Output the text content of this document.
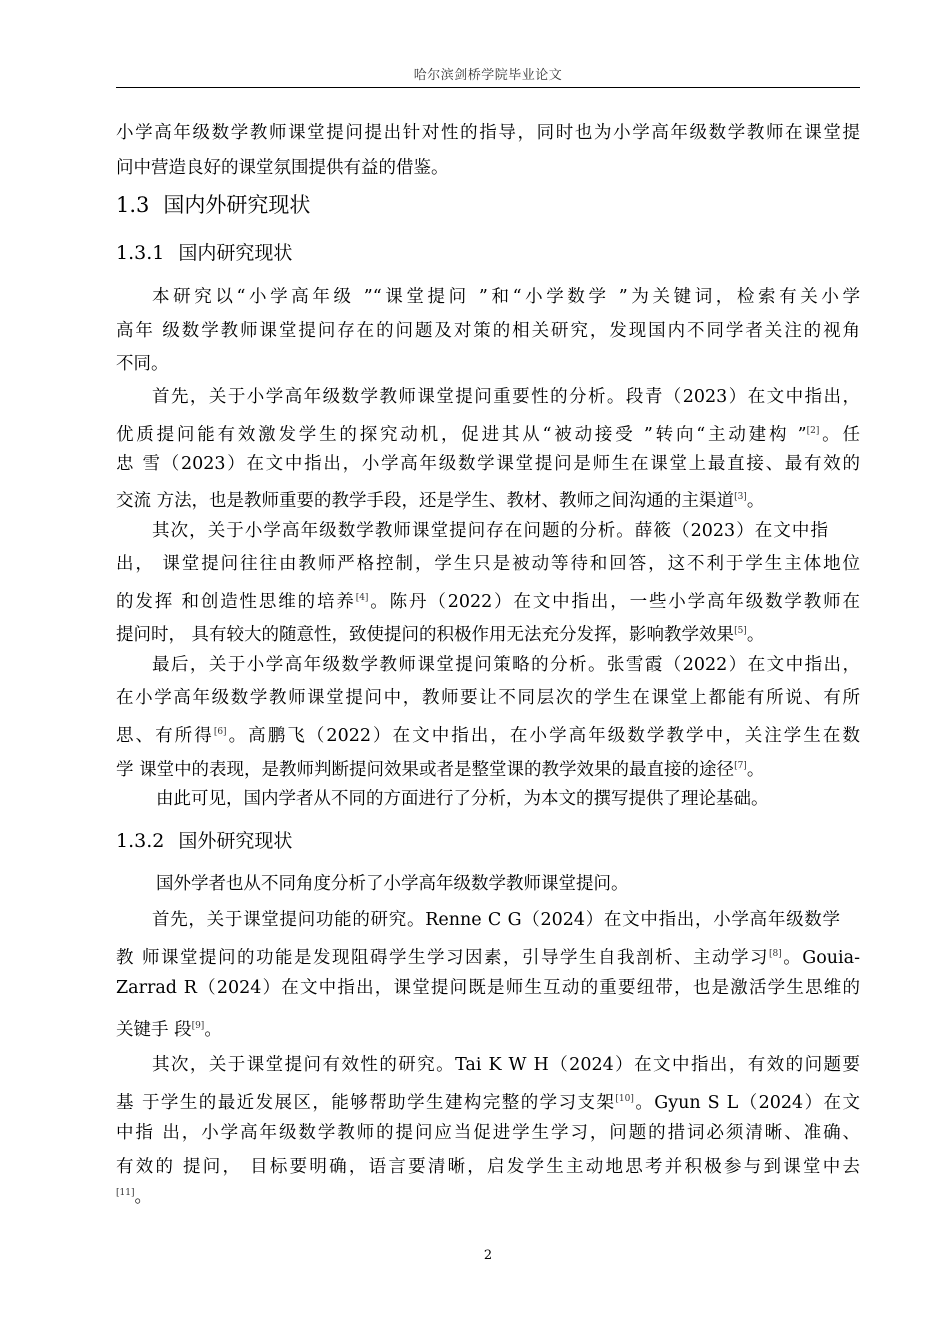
哈尔滨剑桥学院毕业论文
小学高年级数学教师课堂提问提出针对性的指导，同时也为小学高年级数学教师在课堂提
问中营造良好的课堂氛围提供有益的借鉴。
1.3 国内外研究现状
1.3.1 国内研究现状
本研究以“小学高年级 ”“课堂提问 ”和“小学数学 ”为关键词，检索有关小学
高年 级数学教师课堂提问存在的问题及对策的相关研究，发现国内不同学者关注的视角
不同。
首先，关于小学高年级数学教师课堂提问重要性的分析。段青（2023）在文中指出，
优质提问能有效激发学生的探究动机，促进其从“被动接受 ”转向“主动建构 ”[2]。任
忠 雪（2023）在文中指出，小学高年级数学课堂提问是师生在课堂上最直接、最有效的
交流 方法，也是教师重要的教学手段，还是学生、教材、教师之间沟通的主渠道[3]。
其次，关于小学高年级数学教师课堂提问存在问题的分析。薛筱（2023）在文中指
出， 课堂提问往往由教师严格控制，学生只是被动等待和回答，这不利于学生主体地位
的发挥 和创造性思维的培养[4]。陈丹（2022）在文中指出，一些小学高年级数学教师在
提问时， 具有较大的随意性，致使提问的积极作用无法充分发挥，影响教学效果[5]。
最后，关于小学高年级数学教师课堂提问策略的分析。张雪霞（2022）在文中指出，
在小学高年级数学教师课堂提问中，教师要让不同层次的学生在课堂上都能有所说、有所
思、有所得[6]。高鹏飞（2022）在文中指出，在小学高年级数学教学中，关注学生在数
学 课堂中的表现，是教师判断提问效果或者是整堂课的教学效果的最直接的途径[7]。
由此可见，国内学者从不同的方面进行了分析，为本文的撰写提供了理论基础。
1.3.2 国外研究现状
国外学者也从不同角度分析了小学高年级数学教师课堂提问。
首先，关于课堂提问功能的研究。Renne C G（2024）在文中指出，小学高年级数学
教 师课堂提问的功能是发现阻碍学生学习因素，引导学生自我剖析、主动学习[8]。Gouia-
Zarrad R（2024）在文中指出，课堂提问既是师生互动的重要纽带，也是激活学生思维的
关键手 段[9]。
其次，关于课堂提问有效性的研究。Tai K W H（2024）在文中指出，有效的问题要
基 于学生的最近发展区，能够帮助学生建构完整的学习支架[10]。Gyun S L（2024）在文
中指 出，小学高年级数学教师的提问应当促进学生学习，问题的措词必须清晰、准确、
有效的 提问， 目标要明确，语言要清晰，启发学生主动地思考并积极参与到课堂中去
[11]。
2
